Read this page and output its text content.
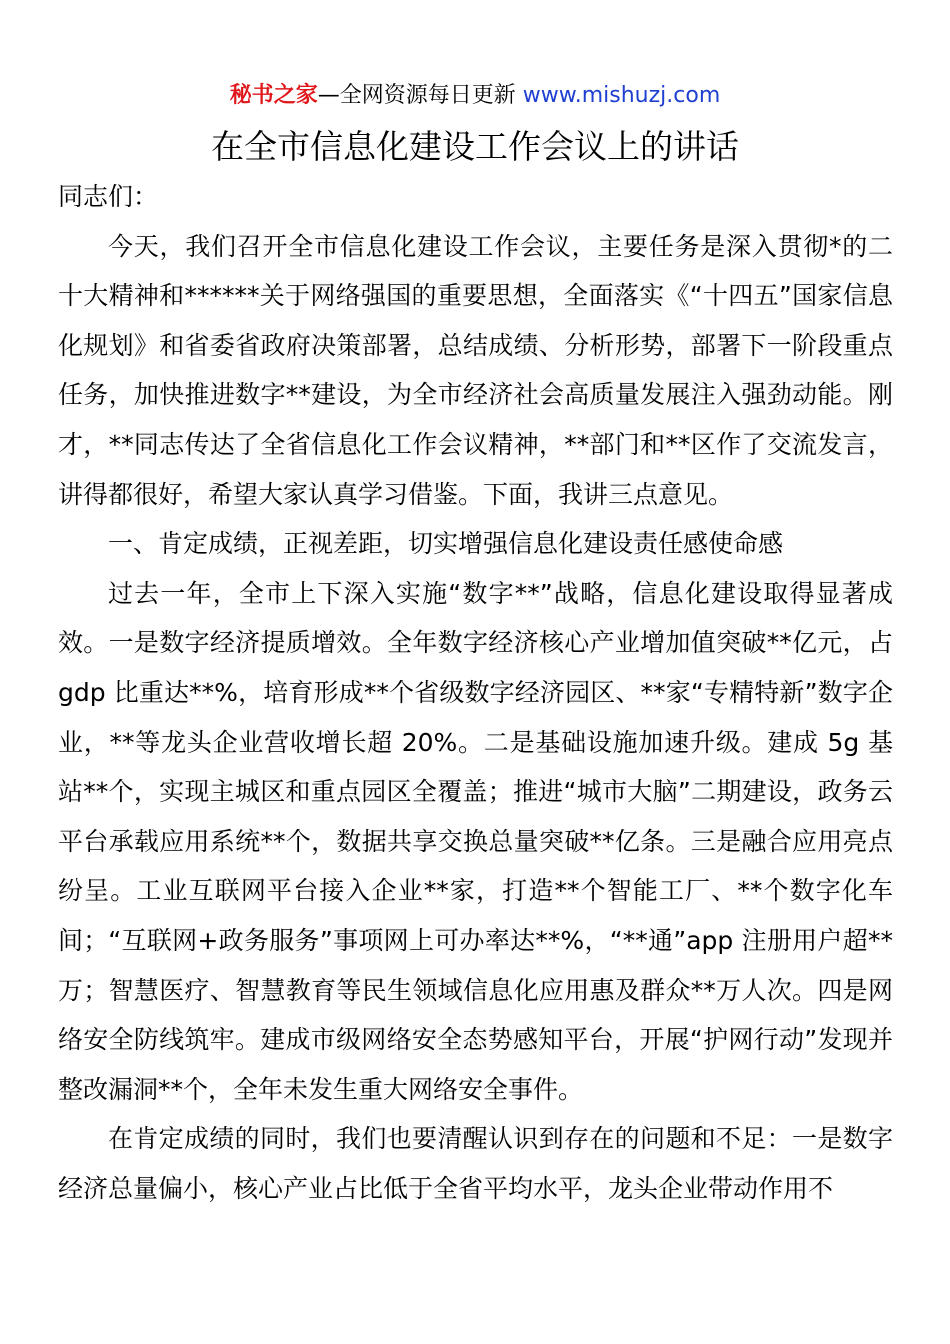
秘书之家—全网资源每日更新 www.mishuzj.com
在全市信息化建设工作会议上的讲话

同志们：

今天，我们召开全市信息化建设工作会议，主要任务是深入贯彻*的二十大精神和******关于网络强国的重要思想，全面落实《“十四五”国家信息化规划》和省委省政府决策部署，总结成绩、分析形势，部署下一阶段重点任务，加快推进数字**建设，为全市经济社会高质量发展注入强劲动能。刚才，**同志传达了全省信息化工作会议精神，**部门和**区作了交流发言，讲得都很好，希望大家认真学习借鉴。下面，我讲三点意见。

一、肯定成绩，正视差距，切实增强信息化建设责任感使命感

过去一年，全市上下深入实施“数字**”战略，信息化建设取得显著成效。一是数字经济提质增效。全年数字经济核心产业增加值突破**亿元，占 gdp 比重达**%，培育形成**个省级数字经济园区、**家“专精特新”数字企业，**等龙头企业营收增长超 20%。二是基础设施加速升级。建成 5g 基站**个，实现主城区和重点园区全覆盖；推进“城市大脑”二期建设，政务云平台承载应用系统**个，数据共享交换总量突破**亿条。三是融合应用亮点纷呈。工业互联网平台接入企业**家，打造**个智能工厂、**个数字化车间；“互联网+政务服务”事项网上可办率达**%，“**通”app 注册用户超**万；智慧医疗、智慧教育等民生领域信息化应用惠及群众**万人次。四是网络安全防线筑牢。建成市级网络安全态势感知平台，开展“护网行动”发现并整改漏洞**个，全年未发生重大网络安全事件。

在肯定成绩的同时，我们也要清醒认识到存在的问题和不足：一是数字经济总量偏小，核心产业占比低于全省平均水平，龙头企业带动作用不
